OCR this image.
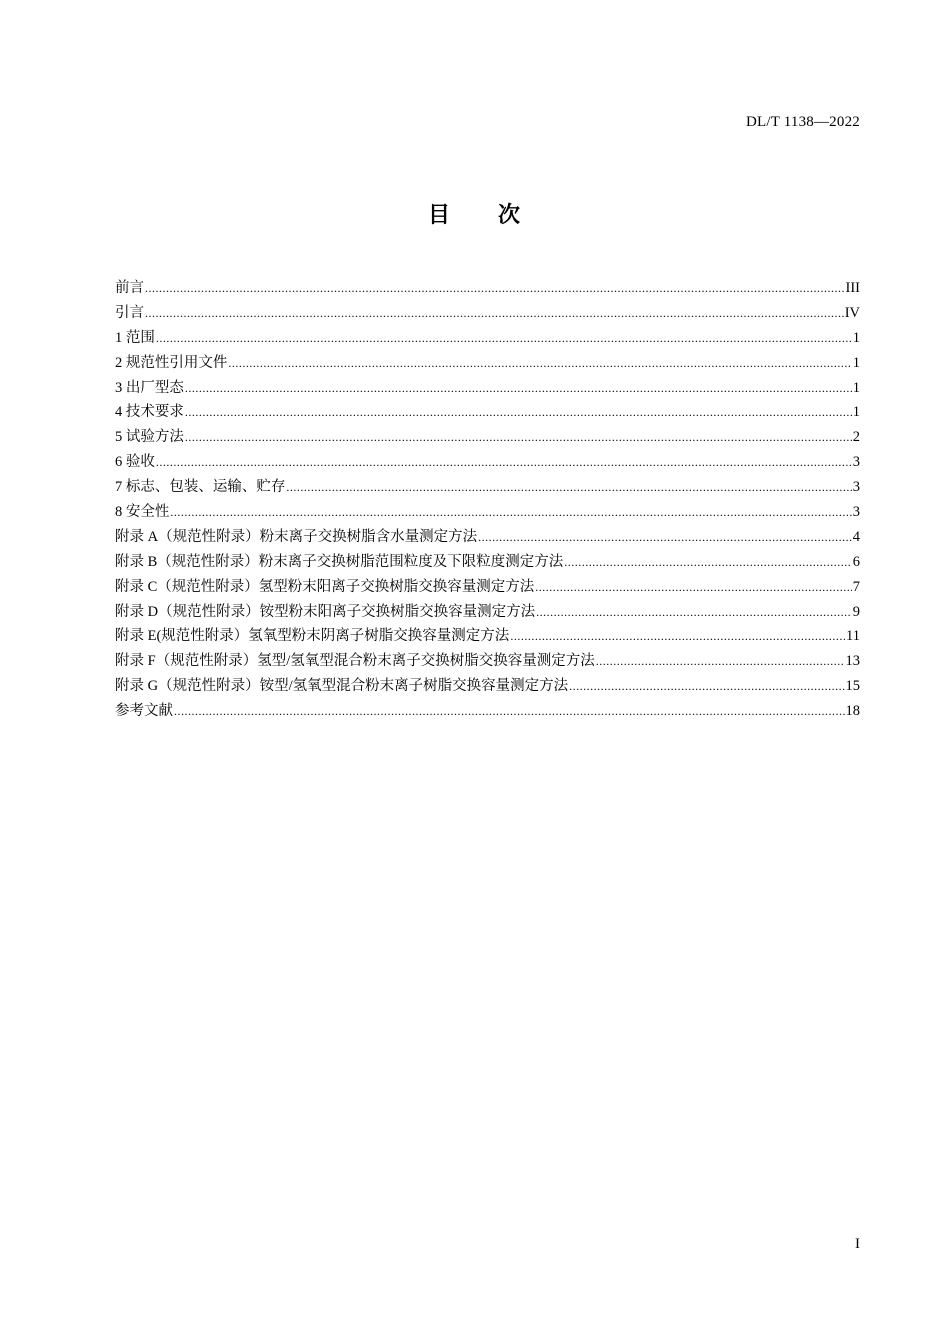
DL/T 1138—2022
目 次
前言 .....	III
引言 .....	IV
1 范围 .....	1
2 规范性引用文件 .....	1
3 出厂型态 .....	1
4 技术要求 .....	1
5 试验方法 .....	2
6 验收 .....	3
7 标志、包装、运输、贮存 .....	3
8 安全性 .....	3
附录 A（规范性附录）粉末离子交换树脂含水量测定方法 .....	4
附录 B（规范性附录）粉末离子交换树脂范围粒度及下限粒度测定方法 .....	6
附录 C（规范性附录）氢型粉末阳离子交换树脂交换容量测定方法 .....	7
附录 D（规范性附录）铵型粉末阳离子交换树脂交换容量测定方法 .....	9
附录 E(规范性附录）氢氧型粉末阴离子树脂交换容量测定方法 .....	11
附录 F（规范性附录）氢型/氢氧型混合粉末离子交换树脂交换容量测定方法 .....	13
附录 G（规范性附录）铵型/氢氧型混合粉末离子树脂交换容量测定方法 .....	15
参考文献 .....	18
I
